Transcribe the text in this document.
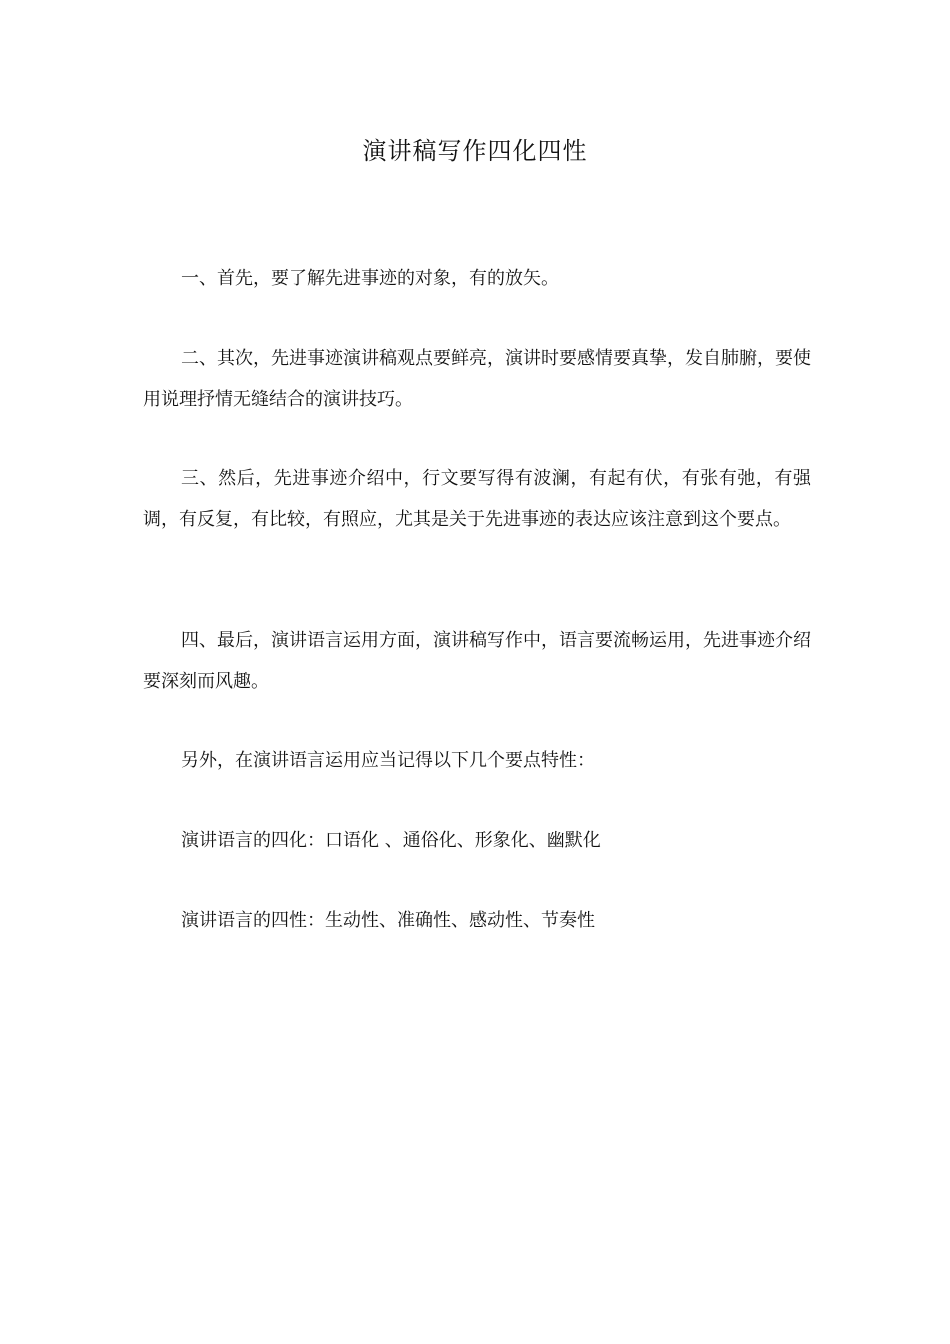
演讲稿写作四化四性

一、首先，要了解先进事迹的对象，有的放矢。

二、其次，先进事迹演讲稿观点要鲜亮，演讲时要感情要真挚，发自肺腑，要使用说理抒情无缝结合的演讲技巧。

三、然后，先进事迹介绍中，行文要写得有波澜，有起有伏，有张有弛，有强调，有反复，有比较，有照应，尤其是关于先进事迹的表达应该注意到这个要点。

四、最后，演讲语言运用方面，演讲稿写作中，语言要流畅运用，先进事迹介绍要深刻而风趣。

另外，在演讲语言运用应当记得以下几个要点特性：

演讲语言的四化：口语化 、通俗化、形象化、幽默化

演讲语言的四性：生动性、准确性、感动性、节奏性
